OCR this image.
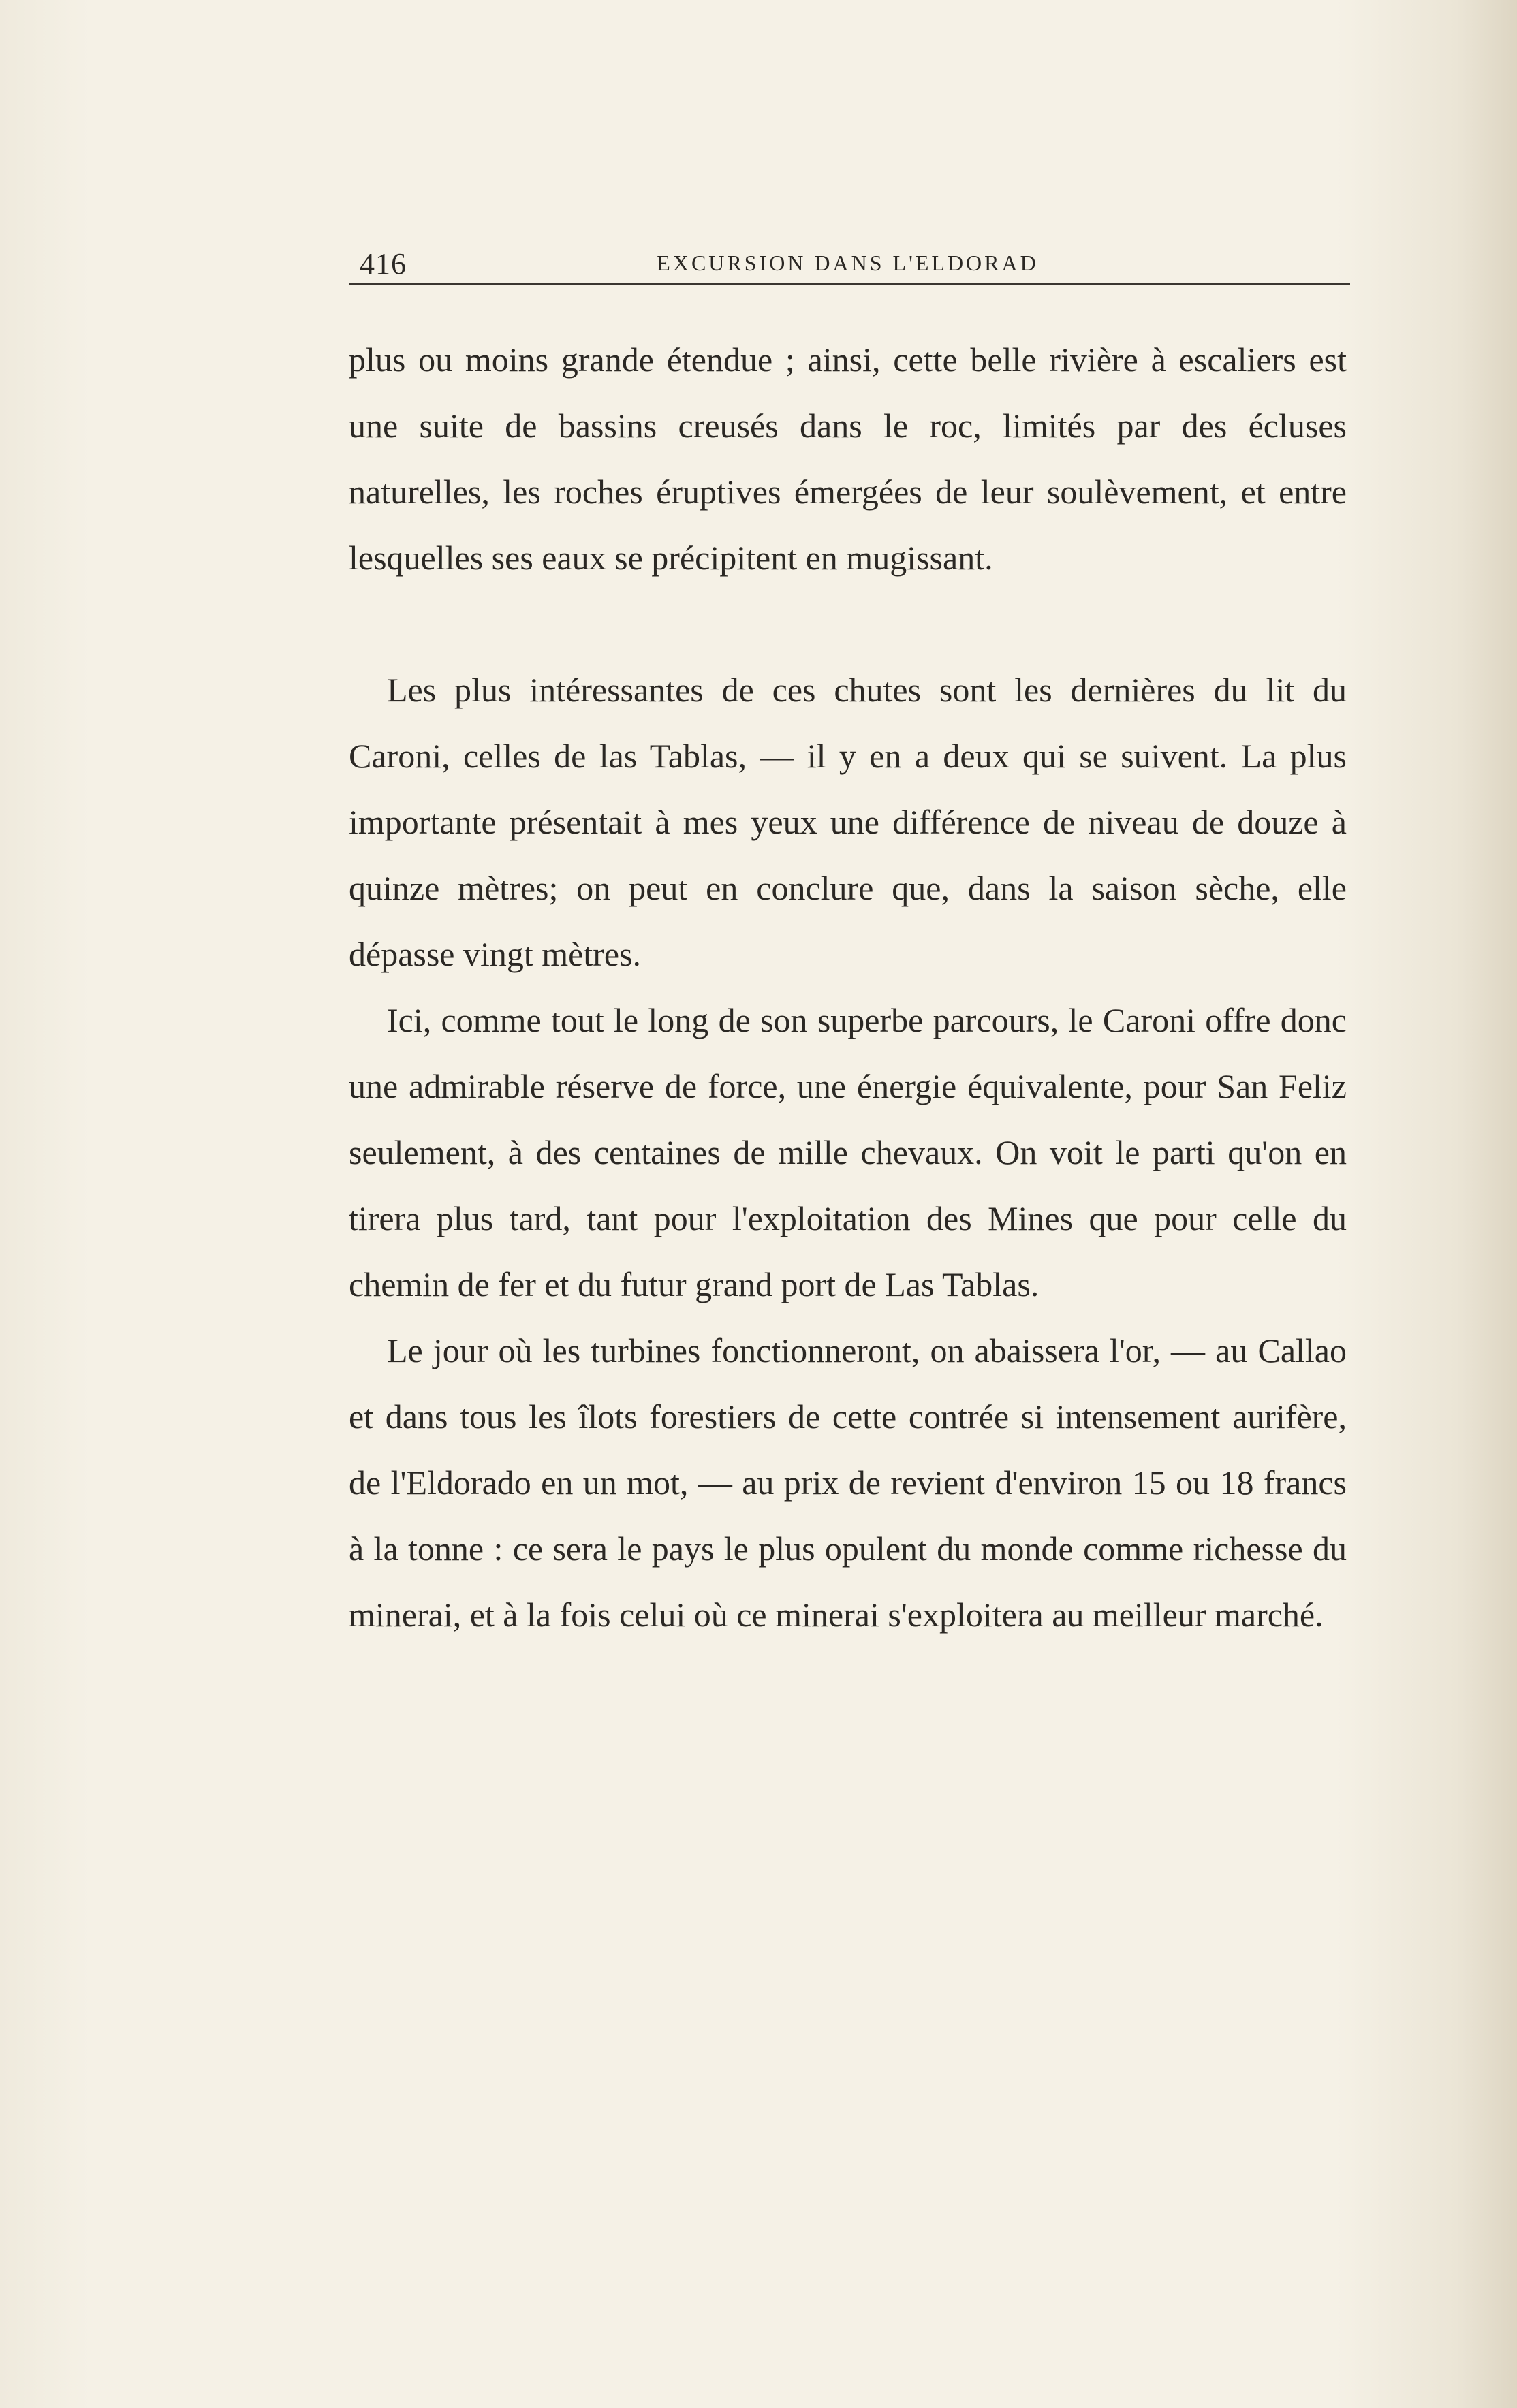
416	EXCURSION DANS L'ELDORAD

plus ou moins grande étendue ; ainsi, cette belle rivière à escaliers est une suite de bassins creusés dans le roc, limités par des écluses naturelles, les roches éruptives émergées de leur soulèvement, et entre lesquelles ses eaux se précipitent en mugissant.

Les plus intéressantes de ces chutes sont les dernières du lit du Caroni, celles de las Tablas, — il y en a deux qui se suivent. La plus importante présentait à mes yeux une différence de niveau de douze à quinze mètres; on peut en conclure que, dans la saison sèche, elle dépasse vingt mètres.

Ici, comme tout le long de son superbe parcours, le Caroni offre donc une admirable réserve de force, une énergie équivalente, pour San Feliz seulement, à des centaines de mille chevaux. On voit le parti qu'on en tirera plus tard, tant pour l'exploitation des Mines que pour celle du chemin de fer et du futur grand port de Las Tablas.

Le jour où les turbines fonctionneront, on abaissera l'or, — au Callao et dans tous les îlots forestiers de cette contrée si intensement aurifère, de l'Eldorado en un mot, — au prix de revient d'environ 15 ou 18 francs à la tonne : ce sera le pays le plus opulent du monde comme richesse du minerai, et à la fois celui où ce minerai s'exploitera au meilleur marché.
